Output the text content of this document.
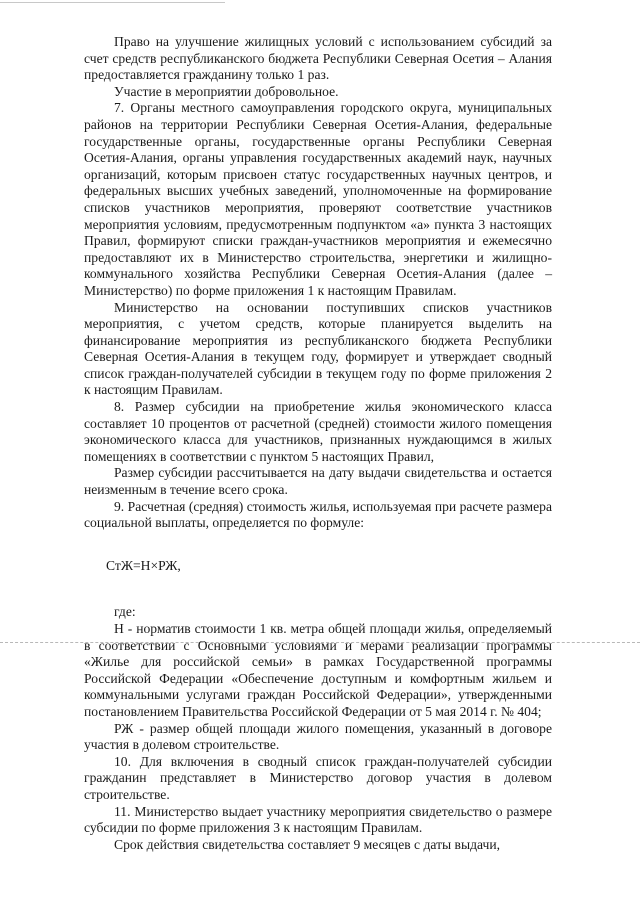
Право на улучшение жилищных условий с использованием субсидий за счет средств республиканского бюджета Республики Северная Осетия – Алания предоставляется гражданину только 1 раз.

Участие в мероприятии добровольное.

7. Органы местного самоуправления городского округа, муниципальных районов на территории Республики Северная Осетия-Алания, федеральные государственные органы, государственные органы Республики Северная Осетия-Алания, органы управления государственных академий наук, научных организаций, которым присвоен статус государственных научных центров, и федеральных высших учебных заведений, уполномоченные на формирование списков участников мероприятия, проверяют соответствие участников мероприятия условиям, предусмотренным подпунктом «а» пункта 3 настоящих Правил, формируют списки граждан-участников мероприятия и ежемесячно предоставляют их в Министерство строительства, энергетики и жилищно-коммунального хозяйства Республики Северная Осетия-Алания (далее – Министерство) по форме приложения 1 к настоящим Правилам.

Министерство на основании поступивших списков участников мероприятия, с учетом средств, которые планируется выделить на финансирование мероприятия из республиканского бюджета Республики Северная Осетия-Алания в текущем году, формирует и утверждает сводный список граждан-получателей субсидии в текущем году по форме приложения 2 к настоящим Правилам.

8. Размер субсидии на приобретение жилья экономического класса составляет 10 процентов от расчетной (средней) стоимости жилого помещения экономического класса для участников, признанных нуждающимся в жилых помещениях в соответствии с пунктом 5 настоящих Правил,

Размер субсидии рассчитывается на дату выдачи свидетельства и остается неизменным в течение всего срока.

9. Расчетная (средняя) стоимость жилья, используемая при расчете размера социальной выплаты, определяется по формуле:

СтЖ=Н×РЖ,

где:

Н - норматив стоимости 1 кв. метра общей площади жилья, определяемый в соответствии с Основными условиями и мерами реализации программы «Жилье для российской семьи» в рамках Государственной программы Российской Федерации «Обеспечение доступным и комфортным жильем и коммунальными услугами граждан Российской Федерации», утвержденными постановлением Правительства Российской Федерации от 5 мая 2014 г. № 404;

РЖ - размер общей площади жилого помещения, указанный в договоре участия в долевом строительстве.

10. Для включения в сводный список граждан-получателей субсидии гражданин представляет в Министерство договор участия в долевом строительстве.

11. Министерство выдает участнику мероприятия свидетельство о размере субсидии по форме приложения 3 к настоящим Правилам.

Срок действия свидетельства составляет 9 месяцев с даты выдачи,
